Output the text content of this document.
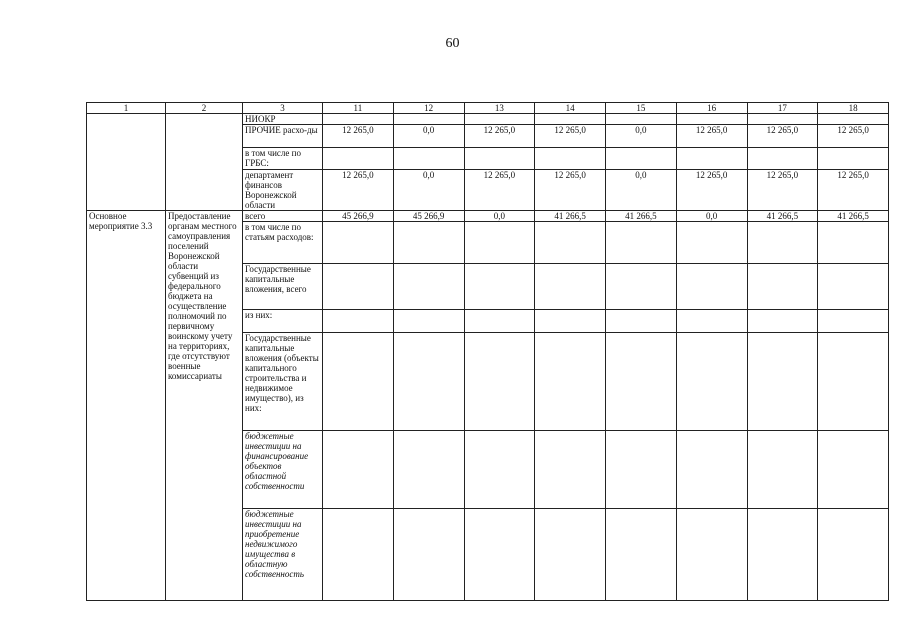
60
1	2	3	11	12	13	14	15	16	17	18
		НИОКР								
		ПРОЧИЕ расхо-ды	12 265,0	0,0	12 265,0	12 265,0	0,0	12 265,0	12 265,0	12 265,0
		в том числе по ГРБС:								
		департамент финансов Воронежской области	12 265,0	0,0	12 265,0	12 265,0	0,0	12 265,0	12 265,0	12 265,0
Основное мероприятие 3.3	Предоставление органам местного самоуправления поселений Воронежской области субвенций из федерального бюджета на осуществление полномочий по первичному воинскому учету на территориях, где отсутствуют военные комиссариаты	всего	45 266,9	45 266,9	0,0	41 266,5	41 266,5	0,0	41 266,5	41 266,5
		в том числе по статьям расходов:								
		Государственные капитальные вложения, всего								
		из них:								
		Государственные капитальные вложения (объекты капитального строительства и недвижимое имущество), из них:								
		бюджетные инвестиции на финансирование объектов областной собственности								
		бюджетные инвестиции на приобретение недвижимого имущества в областную собственность								
